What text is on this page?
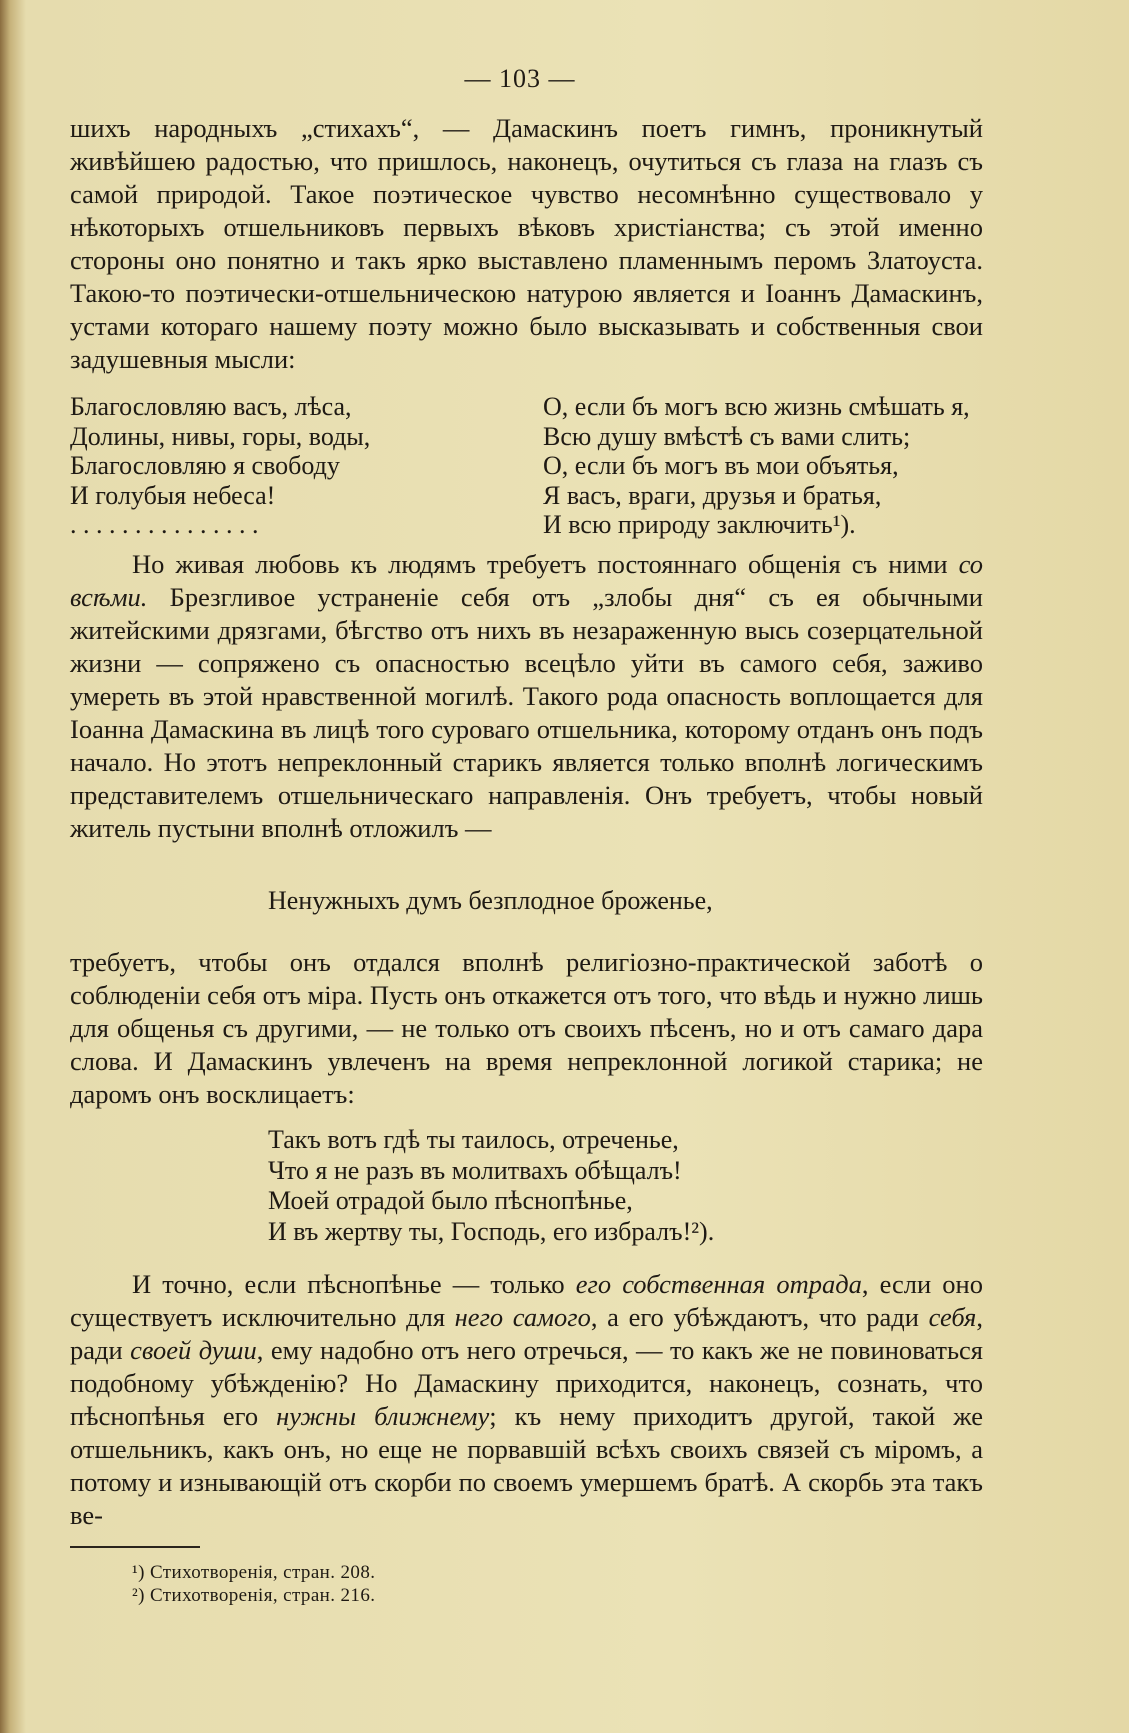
— 103 —

шихъ народныхъ „стихахъ“, — Дамаскинъ поетъ гимнъ, проникнутый живѣйшею радостью, что пришлось, наконецъ, очутиться съ глаза на глазъ съ самой природой. Такое поэтическое чувство несомнѣнно существовало у нѣкоторыхъ отшельниковъ первыхъ вѣковъ христіанства; съ этой именно стороны оно понятно и такъ ярко выставлено пламеннымъ перомъ Златоуста. Такою-то поэтически-отшельническою натурою является и Іоаннъ Дамаскинъ, устами котораго нашему поэту можно было высказывать и собственныя свои задушевныя мысли:

Благословляю васъ, лѣса,
Долины, нивы, горы, воды,
Благословляю я свободу
И голубыя небеса!
. . . . . . . . . . . . . . .
О, если бъ могъ всю жизнь смѣшать я,
Всю душу вмѣстѣ съ вами слить;
О, если бъ могъ въ мои объятья,
Я васъ, враги, друзья и братья,
И всю природу заключить¹).

Но живая любовь къ людямъ требуетъ постояннаго общенія съ ними со всѣми. Брезгливое устраненіе себя отъ „злобы дня“ съ ея обычными житейскими дрязгами, бѣгство отъ нихъ въ незараженную высь созерцательной жизни — сопряжено съ опасностью всецѣло уйти въ самого себя, заживо умереть въ этой нравственной могилѣ. Такого рода опасность воплощается для Іоанна Дамаскина въ лицѣ того суроваго отшельника, которому отданъ онъ подъ начало. Но этотъ непреклонный старикъ является только вполнѣ логическимъ представителемъ отшельническаго направленія. Онъ требуетъ, чтобы новый житель пустыни вполнѣ отложилъ —

Ненужныхъ думъ безплодное броженье,

требуетъ, чтобы онъ отдался вполнѣ религіозно-практической заботѣ о соблюденіи себя отъ міра. Пусть онъ откажется отъ того, что вѣдь и нужно лишь для общенья съ другими, — не только отъ своихъ пѣсенъ, но и отъ самаго дара слова. И Дамаскинъ увлеченъ на время непреклонной логикой старика; не даромъ онъ восклицаетъ:

Такъ вотъ гдѣ ты таилось, отреченье,
Что я не разъ въ молитвахъ обѣщалъ!
Моей отрадой было пѣснопѣнье,
И въ жертву ты, Господь, его избралъ!²).

И точно, если пѣснопѣнье — только его собственная отрада, если оно существуетъ исключительно для него самого, а его убѣждаютъ, что ради себя, ради своей души, ему надобно отъ него отречься, — то какъ же не повиноваться подобному убѣжденію? Но Дамаскину приходится, наконецъ, сознать, что пѣснопѣнья его нужны ближнему; къ нему приходитъ другой, такой же отшельникъ, какъ онъ, но еще не порвавшій всѣхъ своихъ связей съ міромъ, а потому и изнывающій отъ скорби по своемъ умершемъ братѣ. А скорбь эта такъ ве-

¹) Стихотворенія, стран. 208.
²) Стихотворенія, стран. 216.
